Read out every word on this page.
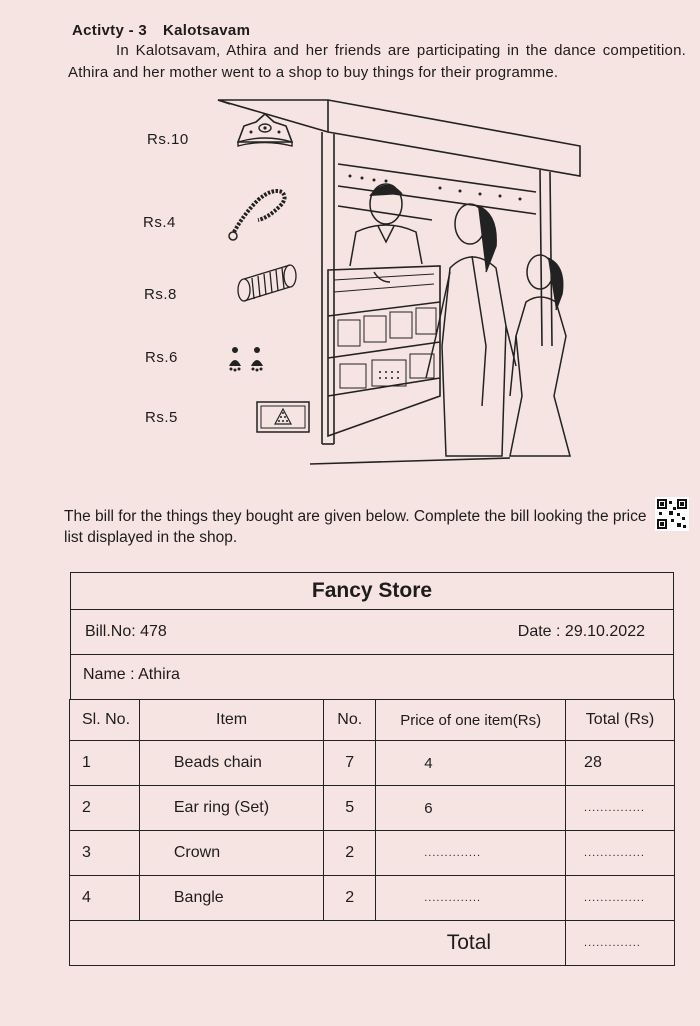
Activty - 3 Kalotsavam
In Kalotsavam, Athira and her friends are participating in the dance competition. Athira and her mother went to a shop to buy things for their programme.
Rs.10
Rs.4
Rs.8
Rs.6
Rs.5
The bill for the things they bought are given below. Complete the bill looking the price list displayed in the shop.
Fancy Store
Bill.No: 478	Date : 29.10.2022
Name : Athira
Sl. No.	Item	No.	Price of one item(Rs)	Total (Rs)
1	Beads chain	7	4	28
2	Ear ring (Set)	5	6	...............
3	Crown	2	..............	...............
4	Bangle	2	..............	...............
Total				..............
